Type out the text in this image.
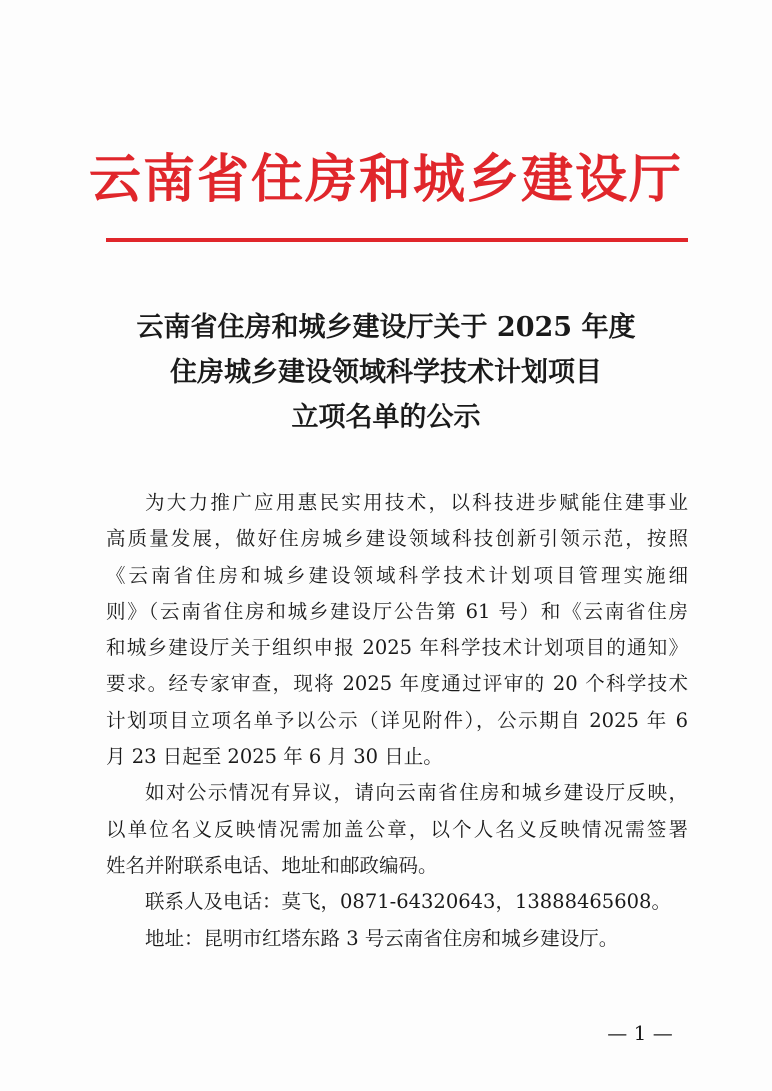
云南省住房和城乡建设厅
云南省住房和城乡建设厅关于 2025 年度
住房城乡建设领域科学技术计划项目
立项名单的公示
为大力推广应用惠民实用技术，以科技进步赋能住建事业
高质量发展，做好住房城乡建设领域科技创新引领示范，按照
《云南省住房和城乡建设领域科学技术计划项目管理实施细
则》（云南省住房和城乡建设厅公告第 61 号）和《云南省住房
和城乡建设厅关于组织申报 2025 年科学技术计划项目的通知》
要求。经专家审查，现将 2025 年度通过评审的 20 个科学技术
计划项目立项名单予以公示（详见附件），公示期自 2025 年 6
月 23 日起至 2025 年 6 月 30 日止。
如对公示情况有异议，请向云南省住房和城乡建设厅反映，
以单位名义反映情况需加盖公章，以个人名义反映情况需签署
姓名并附联系电话、地址和邮政编码。
联系人及电话：莫飞，0871-64320643，13888465608。
地址：昆明市红塔东路 3 号云南省住房和城乡建设厅。
— 1 —
